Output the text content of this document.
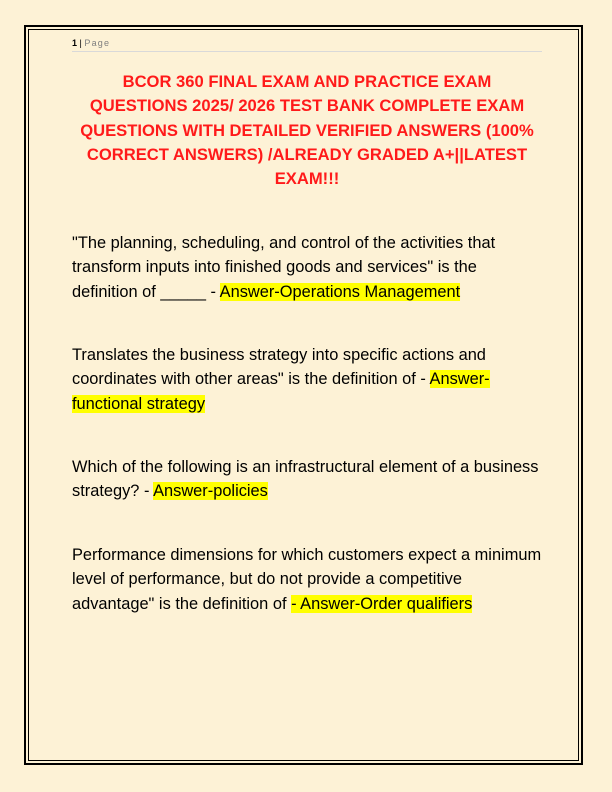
1 | Page
BCOR 360 FINAL EXAM AND PRACTICE EXAM QUESTIONS 2025/ 2026 TEST BANK COMPLETE EXAM QUESTIONS WITH DETAILED VERIFIED ANSWERS (100% CORRECT ANSWERS) /ALREADY GRADED A+||LATEST EXAM!!!
"The planning, scheduling, and control of the activities that transform inputs into finished goods and services" is the definition of _____ - Answer-Operations Management
Translates the business strategy into specific actions and coordinates with other areas" is the definition of - Answer-functional strategy
Which of the following is an infrastructural element of a business strategy? - Answer-policies
Performance dimensions for which customers expect a minimum level of performance, but do not provide a competitive advantage" is the definition of - Answer-Order qualifiers
